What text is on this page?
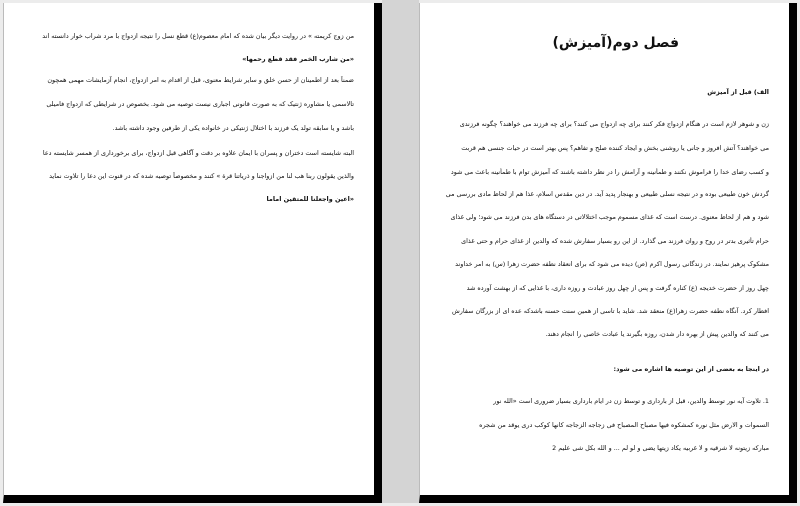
من زوج کریمته » در روایت دیگر بیان شده که امام معصوم(ع) قطع نسل را نتیجه ازدواج با مرد شراب خوار دانسته اند
«من شارب الخمر فقد قطع رحمها»
ضمناً بعد از اطمینان از حسن خلق و سایر شرایط معنوی، قبل از اقدام به امر ازدواج، انجام آزمایشات مهمی همچون
تالاسمی یا مشاوره ژنتیک که به صورت قانونی اجباری نیست توصیه می شود. بخصوص در شرایطی که ازدواج فامیلی
باشد و یا سابقه تولد یک فرزند با اختلال ژنتیکی در خانواده یکی از طرفین وجود داشته باشد.
البته شایسته است دختران و پسران با ایمان علاوه بر دقت و آگاهی قبل ازدواج، برای برخورداری از همسر شایسته دعا
والذین یقولون ربنا هب لنا من ازواجنا و ذریاتنا قرة » کنند و مخصوصاً توصیه شده که در قنوت این دعا را تلاوت نماید
«اعین واجعلنا للمتقین اماما
فصل دوم(آمیزش)
الف) قبل از آمیزش
زن و شوهر لازم است در هنگام ازدواج فکر کنند برای چه ازدواج می کنند؟ برای چه فرزند می خواهند؟ چگونه فرزندی
می خواهند؟ آتش افروز و جانی یا روشنی بخش و ایجاد کننده صلح و تفاهم؟ پس بهتر است در حیات جنسی هم قربت
و کسب رضای خدا را فراموش نکنند و طمأنینه و آرامش را در نظر داشته باشند که آمیزش توام با طمأنینه باعث می شود
گردش خون طبیعی بوده و در نتیجه نسلی طبیعی و بهنجار پدید آید. در دین مقدس اسلام، غذا هم از لحاظ مادی بررسی می
شود و هم از لحاظ معنوی. درست است که غذای مسموم موجب اختلالاتی در دستگاه های بدن فرزند می شود؛ ولی غذای
حرام تأثیری بدتر در روح و روان فرزند می گذارد. از این رو بسیار سفارش شده که والدین از غذای حرام و حتی غذای
مشکوک پرهیز نمایند. در زندگانی رسول اکرم (ص) دیده می شود که برای انعقاد نطفه حضرت زهرا (س) به امر خداوند
چهل روز از حضرت خدیجه (ع) کناره گرفت و پس از چهل روز عبادت و روزه داری، با غذایی که از بهشت آورده شد
افطار کرد. آنگاه نطفه حضرت زهرا(ع) منعقد شد. شاید با تاسی از همین سنت حسنه باشدکه عده ای از بزرگان سفارش
می کنند که والدین پیش از بهره دار شدن، روزه بگیرند یا عبادت خاصی را انجام دهند.
در اینجا به بعضی از این توصیه ها اشاره می شود:
1. تلاوت آیه نور توسط والدین، قبل از بارداری و توسط زن در ایام بارداری بسیار ضروری است «الله نور
السموات و الارض مثل نوره کمشکوه فیها مصباح المصباح فی زجاجه الزجاجه کانها کوکب دری یوقد من شجره
مبارکه زیتونه لا شرقیه و لا غربیه یکاد زیتها یضی و لو لم ... و الله بکل شی علیم 2
